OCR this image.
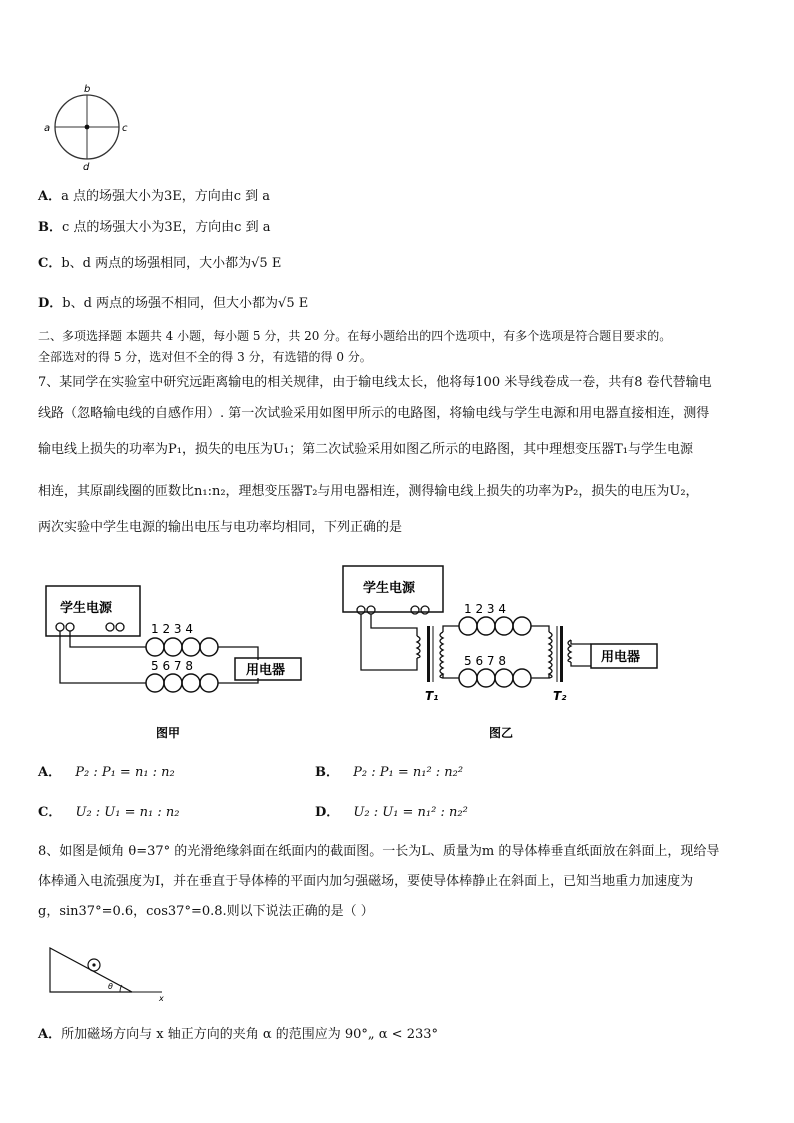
b
a	c
d
A．a 点的场强大小为3E，方向由c 到 a
B．c 点的场强大小为3E，方向由c 到 a
C．b、d 两点的场强相同，大小都为√5 E
D．b、d 两点的场强不相同，但大小都为√5 E
二、多项选择题 本题共 4 小题，每小题 5 分，共 20 分。在每小题给出的四个选项中，有多个选项是符合题目要求的。
全部选对的得 5 分，选对但不全的得 3 分，有选错的得 0 分。
7、某同学在实验室中研究远距离输电的相关规律，由于输电线太长，他将每100 米导线卷成一卷，共有8 卷代替输电
线路（忽略输电线的自感作用）. 第一次试验采用如图甲所示的电路图，将输电线与学生电源和用电器直接相连，测得
输电线上损失的功率为P₁，损失的电压为U₁；第二次试验采用如图乙所示的电路图，其中理想变压器T₁与学生电源
相连，其原副线圈的匝数比n₁:n₂，理想变压器T₂与用电器相连，测得输电线上损失的功率为P₂，损失的电压为U₂，
两次实验中学生电源的输出电压与电功率均相同，下列正确的是
学生电源
1 2 3 4
5 6 7 8	用电器
图甲
学生电源
T₁
1 2 3 4
5 6 7 8
T₂
用电器
图乙
A． P₂ : P₁ = n₁ : n₂	B． P₂ : P₁ = n₁² : n₂²
C． U₂ : U₁ = n₁ : n₂	D． U₂ : U₁ = n₁² : n₂²
8、如图是倾角 θ=37° 的光滑绝缘斜面在纸面内的截面图。一长为L、质量为m 的导体棒垂直纸面放在斜面上，现给导
体棒通入电流强度为I，并在垂直于导体棒的平面内加匀强磁场，要使导体棒静止在斜面上，已知当地重力加速度为
g，sin37°=0.6，cos37°=0.8.则以下说法正确的是（ ）
θ
x
A．所加磁场方向与 x 轴正方向的夹角 α 的范围应为 90°„ α < 233°
